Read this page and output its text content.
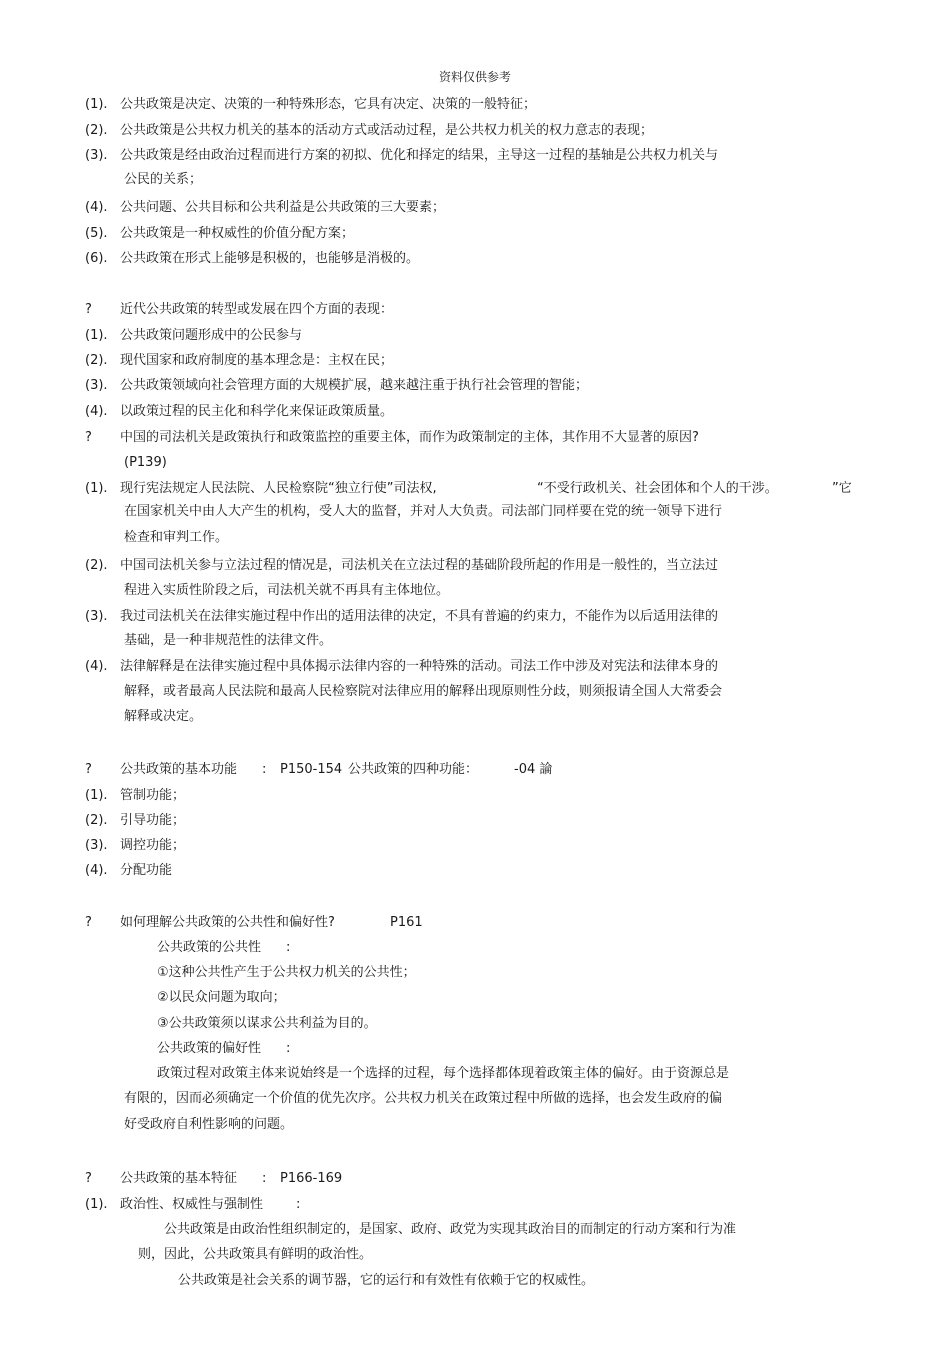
资料仅供参考
(1). 公共政策是决定、决策的一种特殊形态，它具有决定、决策的一般特征；
(2). 公共政策是公共权力机关的基本的活动方式或活动过程，是公共权力机关的权力意志的表现；
(3). 公共政策是经由政治过程而进行方案的初拟、优化和择定的结果，主导这一过程的基轴是公共权力机关与
公民的关系；
(4). 公共问题、公共目标和公共利益是公共政策的三大要素；
(5). 公共政策是一种权威性的价值分配方案；
(6). 公共政策在形式上能够是积极的，也能够是消极的。
? 近代公共政策的转型或发展在四个方面的表现：
(1). 公共政策问题形成中的公民参与
(2). 现代国家和政府制度的基本理念是：主权在民；
(3). 公共政策领域向社会管理方面的大规模扩展，越来越注重于执行社会管理的智能；
(4). 以政策过程的民主化和科学化来保证政策质量。
? 中国的司法机关是政策执行和政策监控的重要主体，而作为政策制定的主体，其作用不大显著的原因?
(P139)
(1). 现行宪法规定人民法院、人民检察院“独立行使”司法权,	“不受行政机关、社会团体和个人的干涉。	”它
在国家机关中由人大产生的机构，受人大的监督，并对人大负责。司法部门同样要在党的统一领导下进行
检查和审判工作。
(2). 中国司法机关参与立法过程的情况是，司法机关在立法过程的基础阶段所起的作用是一般性的，当立法过
程进入实质性阶段之后，司法机关就不再具有主体地位。
(3). 我过司法机关在法律实施过程中作出的适用法律的决定，不具有普遍的约束力，不能作为以后适用法律的
基础，是一种非规范性的法律文件。
(4). 法律解释是在法律实施过程中具体揭示法律内容的一种特殊的活动。司法工作中涉及对宪法和法律本身的
解释，或者最高人民法院和最高人民检察院对法律应用的解释出现原则性分歧，则须报请全国人大常委会
解释或决定。
? 公共政策的基本功能 : P150-154 公共政策的四种功能：	-04 論
(1). 管制功能；
(2). 引导功能；
(3). 调控功能；
(4). 分配功能
? 如何理解公共政策的公共性和偏好性?	P161
公共政策的公共性 :
①这种公共性产生于公共权力机关的公共性；
②以民众问题为取向；
③公共政策须以谋求公共利益为目的。
公共政策的偏好性 :
政策过程对政策主体来说始终是一个选择的过程，每个选择都体现着政策主体的偏好。由于资源总是
有限的，因而必须确定一个价值的优先次序。公共权力机关在政策过程中所做的选择，也会发生政府的偏
好受政府自利性影响的问题。
? 公共政策的基本特征 : P166-169
(1). 政治性、权威性与强制性	:
公共政策是由政治性组织制定的，是国家、政府、政党为实现其政治目的而制定的行动方案和行为准
则，因此，公共政策具有鲜明的政治性。
公共政策是社会关系的调节器，它的运行和有效性有依赖于它的权威性。
